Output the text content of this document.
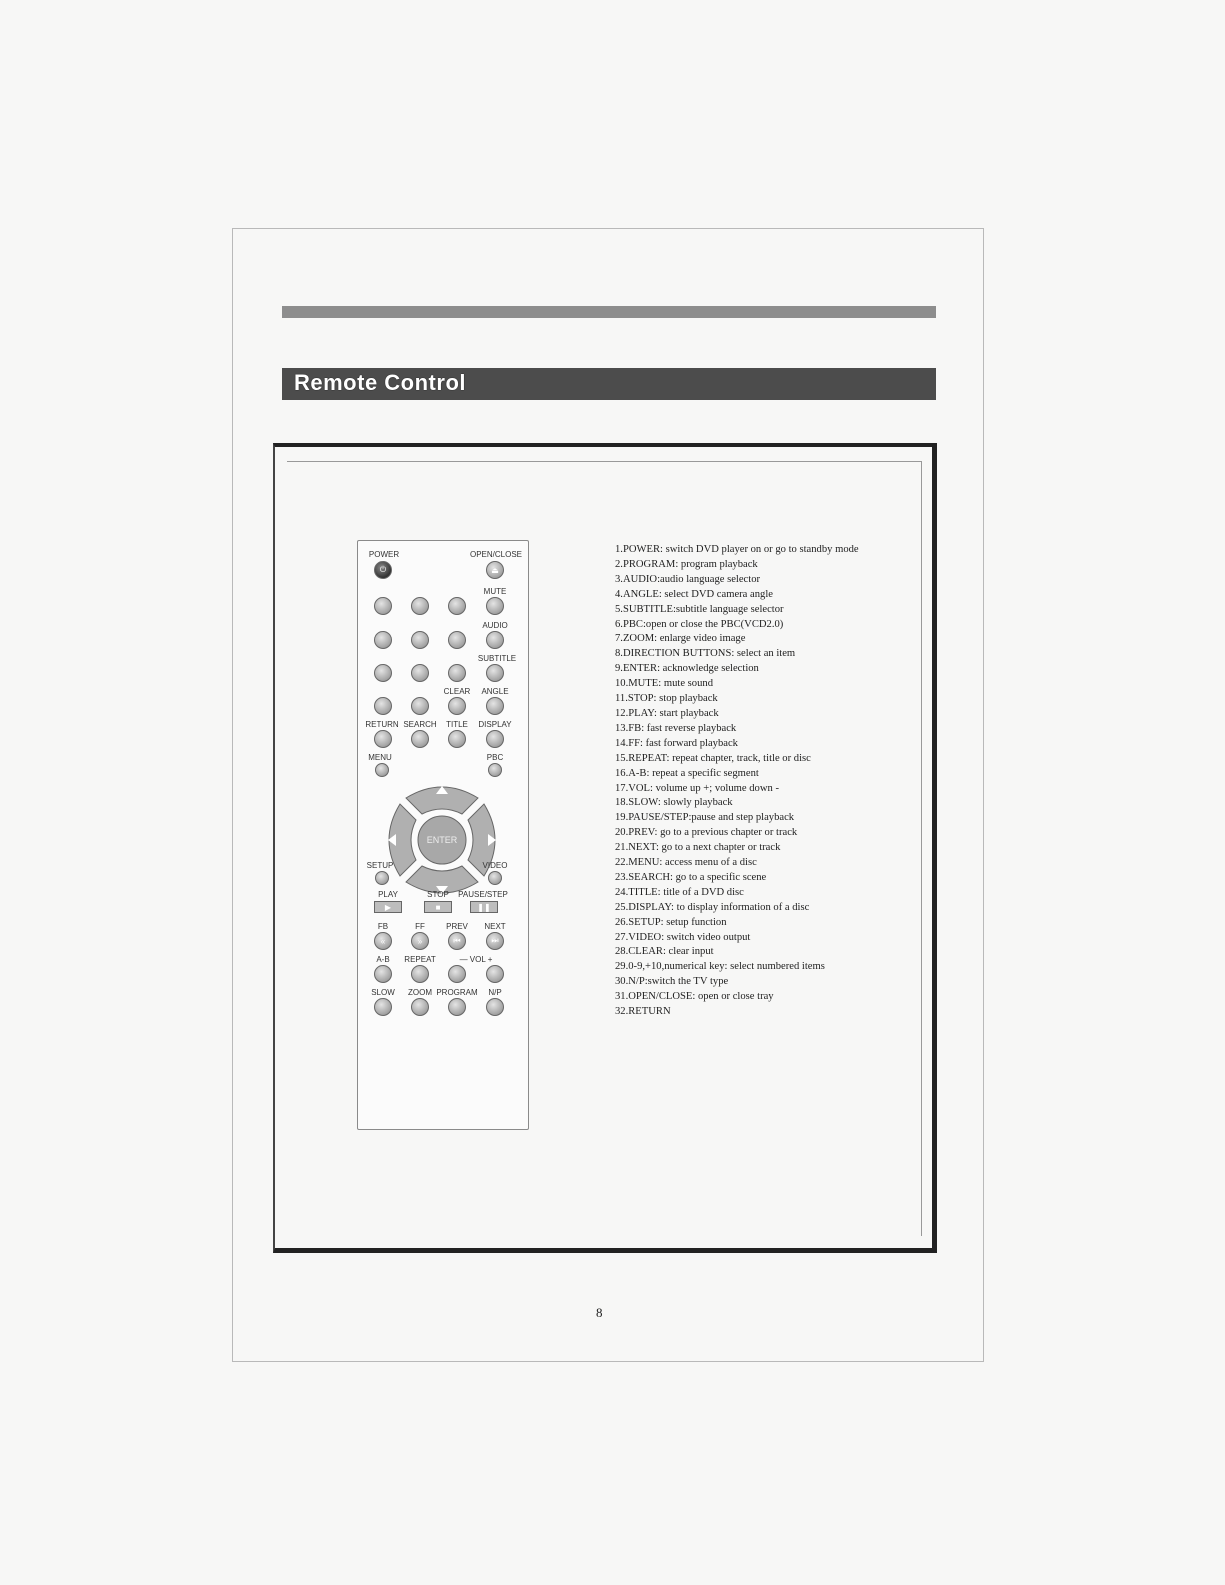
Remote Control
POWER	OPEN/CLOSE
⏻	⏏
MUTE
AUDIO
SUBTITLE
CLEAR ANGLE
RETURN SEARCH TITLE DISPLAY
MENU	PBC
ENTER
SETUP	VIDEO
PLAY	STOP PAUSE/STEP
▶	■	❚❚
FB	FF	PREV NEXT
«	»	⏮	⏭
A-B REPEAT	— VOL +
SLOW ZOOM PROGRAM N/P
1.POWER: switch DVD player on or go to standby mode
2.PROGRAM: program playback
3.AUDIO:audio language selector
4.ANGLE: select DVD camera angle
5.SUBTITLE:subtitle language selector
6.PBC:open or close the PBC(VCD2.0)
7.ZOOM: enlarge video image
8.DIRECTION BUTTONS: select an item
9.ENTER: acknowledge selection
10.MUTE: mute sound
11.STOP: stop playback
12.PLAY: start playback
13.FB: fast reverse playback
14.FF: fast forward playback
15.REPEAT: repeat chapter, track, title or disc
16.A-B: repeat a specific segment
17.VOL: volume up +; volume down -
18.SLOW: slowly playback
19.PAUSE/STEP:pause and step playback
20.PREV: go to a previous chapter or track
21.NEXT: go to a next chapter or track
22.MENU: access menu of a disc
23.SEARCH: go to a specific scene
24.TITLE: title of a DVD disc
25.DISPLAY: to display information of a disc
26.SETUP: setup function
27.VIDEO: switch video output
28.CLEAR: clear input
29.0-9,+10,numerical key: select numbered items
30.N/P:switch the TV type
31.OPEN/CLOSE: open or close tray
32.RETURN
8
